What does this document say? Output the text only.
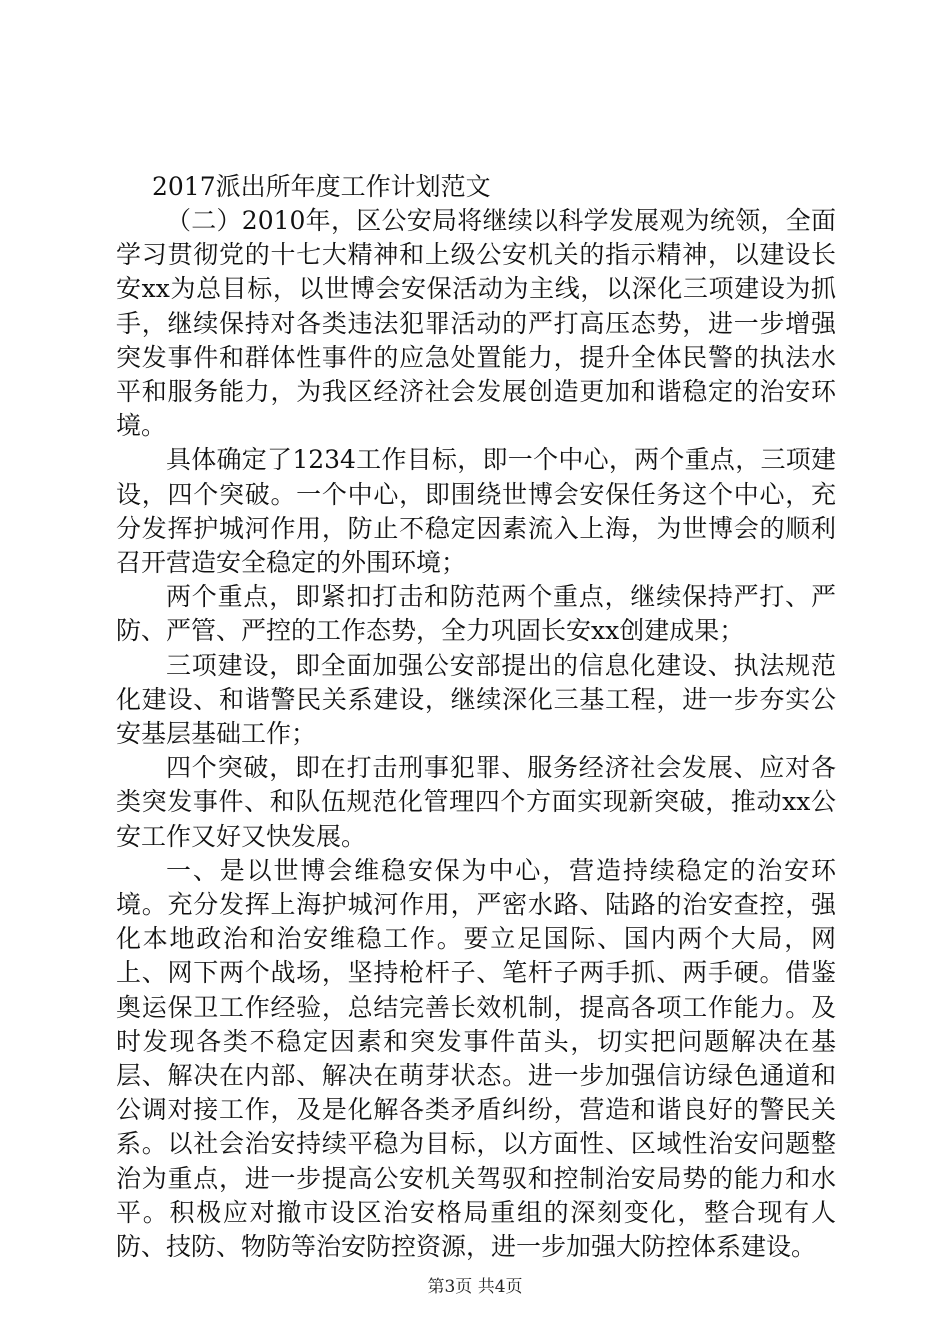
2017派出所年度工作计划范文

（二）2010年，区公安局将继续以科学发展观为统领，全面学习贯彻党的十七大精神和上级公安机关的指示精神，以建设长安xx为总目标，以世博会安保活动为主线，以深化三项建设为抓手，继续保持对各类违法犯罪活动的严打高压态势，进一步增强突发事件和群体性事件的应急处置能力，提升全体民警的执法水平和服务能力，为我区经济社会发展创造更加和谐稳定的治安环境。

具体确定了1234工作目标，即一个中心，两个重点，三项建设，四个突破。一个中心，即围绕世博会安保任务这个中心，充分发挥护城河作用，防止不稳定因素流入上海，为世博会的顺利召开营造安全稳定的外围环境；

两个重点，即紧扣打击和防范两个重点，继续保持严打、严防、严管、严控的工作态势，全力巩固长安xx创建成果；

三项建设，即全面加强公安部提出的信息化建设、执法规范化建设、和谐警民关系建设，继续深化三基工程，进一步夯实公安基层基础工作；

四个突破，即在打击刑事犯罪、服务经济社会发展、应对各类突发事件、和队伍规范化管理四个方面实现新突破，推动xx公安工作又好又快发展。

一、是以世博会维稳安保为中心，营造持续稳定的治安环境。充分发挥上海护城河作用，严密水路、陆路的治安查控，强化本地政治和治安维稳工作。要立足国际、国内两个大局，网上、网下两个战场，坚持枪杆子、笔杆子两手抓、两手硬。借鉴奥运保卫工作经验，总结完善长效机制，提高各项工作能力。及时发现各类不稳定因素和突发事件苗头，切实把问题解决在基层、解决在内部、解决在萌芽状态。进一步加强信访绿色通道和公调对接工作，及是化解各类矛盾纠纷，营造和谐良好的警民关系。以社会治安持续平稳为目标，以方面性、区域性治安问题整治为重点，进一步提高公安机关驾驭和控制治安局势的能力和水平。积极应对撤市设区治安格局重组的深刻变化，整合现有人防、技防、物防等治安防控资源，进一步加强大防控体系建设。

第3页 共4页
